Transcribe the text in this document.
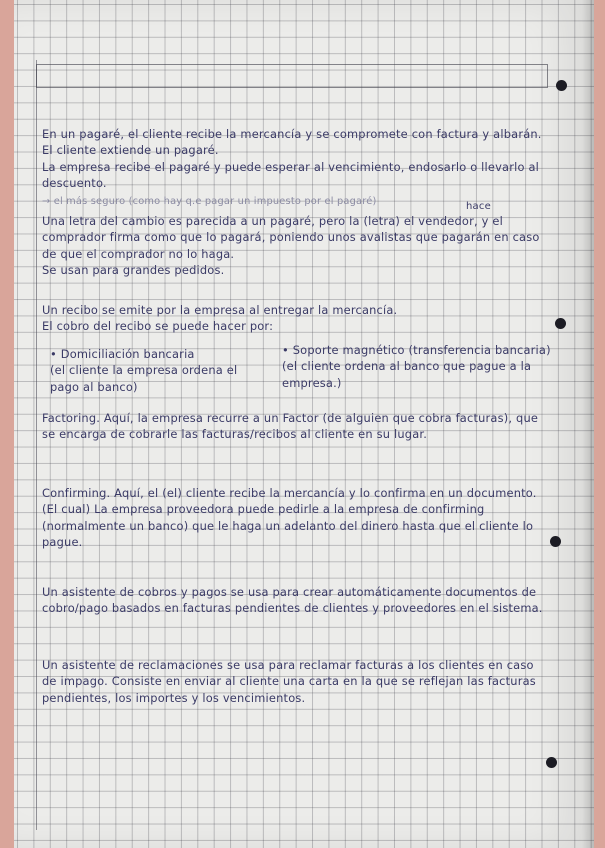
En un pagaré, el cliente recibe la mercancía y se compromete con factura y albarán. El cliente extiende un pagaré.
La empresa recibe el pagaré y puede esperar al vencimiento, endosarlo o llevarlo al descuento.

→ el más seguro (como hay q.e pagar un impuesto por el pagaré)	hace

Una letra del cambio es parecida a un pagaré, pero la (letra) el vendedor, y el comprador firma como que lo pagará, poniendo unos avalistas que pagarán en caso de que el comprador no lo haga.
Se usan para grandes pedidos.

Un recibo se emite por la empresa al entregar la mercancía.
El cobro del recibo se puede hacer por:

• Domiciliación bancaria
(el cliente la empresa ordena el pago al banco)

• Soporte magnético (transferencia bancaria)
(el cliente ordena al banco que pague a la empresa.)

Factoring. Aquí, la empresa recurre a un Factor (de alguien que cobra facturas), que se encarga de cobrarle las facturas/recibos al cliente en su lugar.

Confirming. Aquí, el (el) cliente recibe la mercancía y lo confirma en un documento. (El cual) La empresa proveedora puede pedirle a la empresa de confirming (normalmente un banco) que le haga un adelanto del dinero hasta que el cliente lo pague.

Un asistente de cobros y pagos se usa para crear automáticamente documentos de cobro/pago basados en facturas pendientes de clientes y proveedores en el sistema.

Un asistente de reclamaciones se usa para reclamar facturas a los clientes en caso de impago. Consiste en enviar al cliente una carta en la que se reflejan las facturas pendientes, los importes y los vencimientos.
